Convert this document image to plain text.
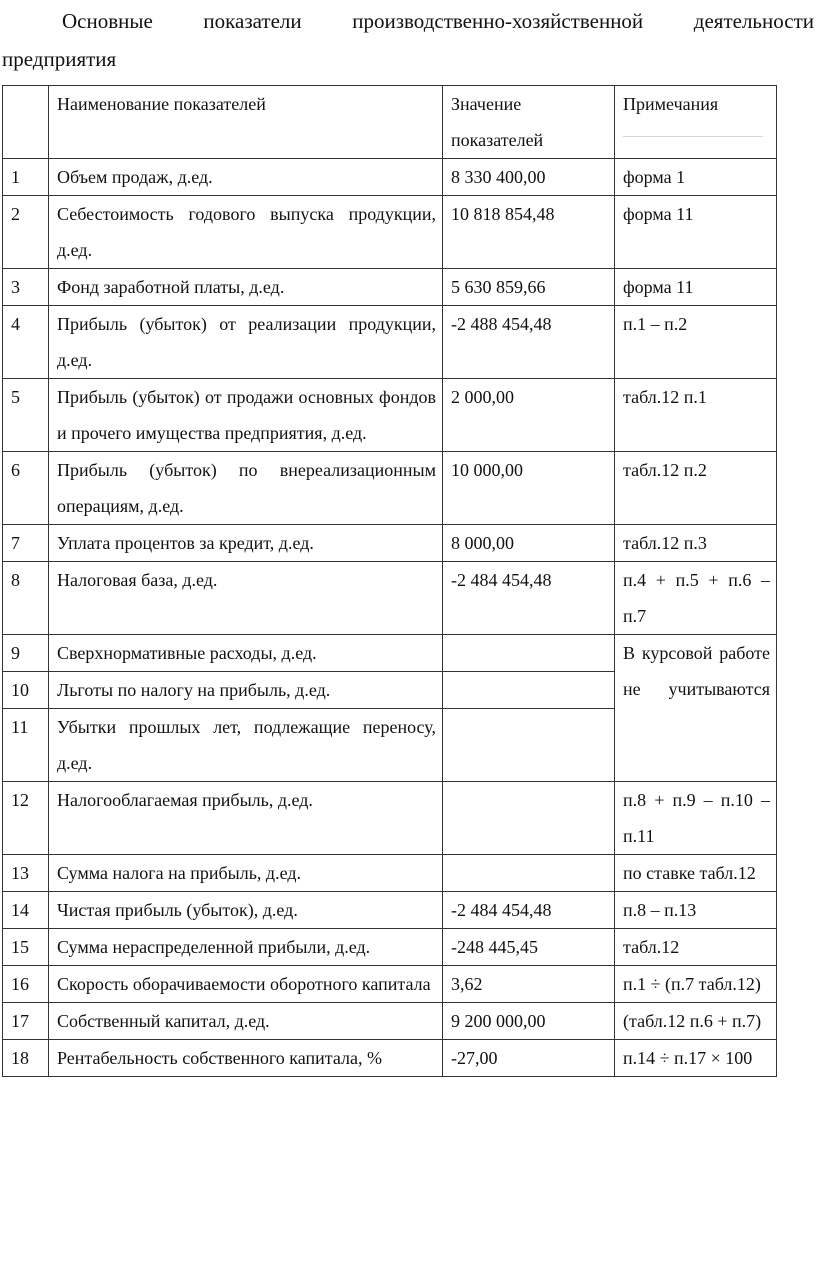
Основные показатели производственно-хозяйственной деятельности
предприятия
	Наименование показателей	Значение показателей	Примечания

1	Объем продаж, д.ед.	8 330 400,00	форма 1
2	Себестоимость годового выпуска продукции, д.ед.	10 818 854,48	форма 11
3	Фонд заработной платы, д.ед.	5 630 859,66	форма 11
4	Прибыль (убыток) от реализации продукции, д.ед.	-2 488 454,48	п.1 – п.2
5	Прибыль (убыток) от продажи основных фондов и прочего имущества предприятия, д.ед.	2 000,00	табл.12 п.1
6	Прибыль (убыток) по внереализационным операциям, д.ед.	10 000,00	табл.12 п.2
7	Уплата процентов за кредит, д.ед.	8 000,00	табл.12 п.3
8	Налоговая база, д.ед.	-2 484 454,48	п.4 + п.5 + п.6 – п.7
9	Сверхнормативные расходы, д.ед.		В курсовой работе не учитываются
10	Льготы по налогу на прибыль, д.ед.		
11	Убытки прошлых лет, подлежащие переносу, д.ед.		
12	Налогооблагаемая прибыль, д.ед.		п.8 + п.9 – п.10 – п.11
13	Сумма налога на прибыль, д.ед.		по ставке табл.12
14	Чистая прибыль (убыток), д.ед.	-2 484 454,48	п.8 – п.13
15	Сумма нераспределенной прибыли, д.ед.	-248 445,45	табл.12
16	Скорость оборачиваемости оборотного капитала	3,62	п.1 ÷ (п.7 табл.12)
17	Собственный капитал, д.ед.	9 200 000,00	(табл.12 п.6 + п.7)
18	Рентабельность собственного капитала, %	-27,00	п.14 ÷ п.17 × 100
